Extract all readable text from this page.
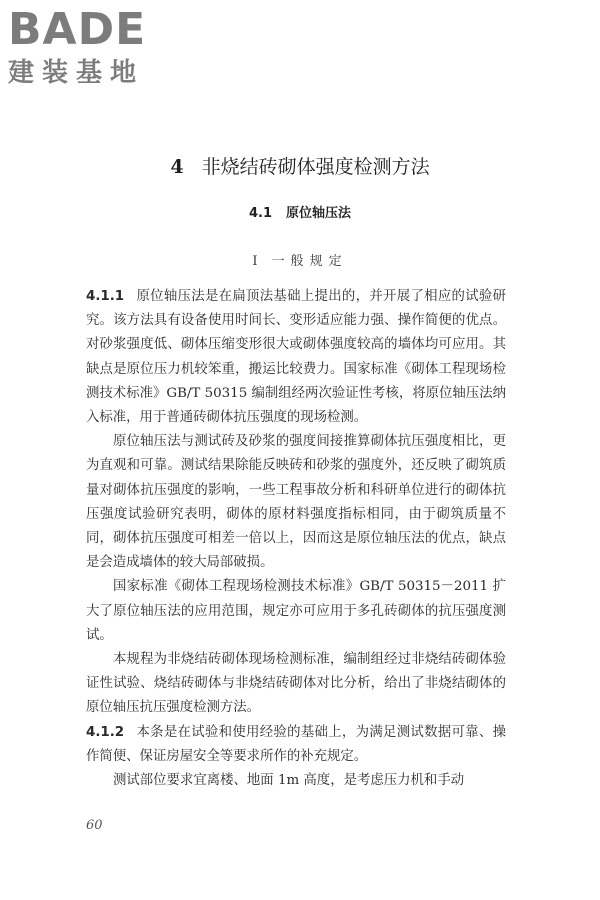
BADE
建装基地
4 非烧结砖砌体强度检测方法
4.1 原位轴压法
Ⅰ 一般规定

4.1.1 原位轴压法是在扁顶法基础上提出的，并开展了相应的试验研究。该方法具有设备使用时间长、变形适应能力强、操作简便的优点。对砂浆强度低、砌体压缩变形很大或砌体强度较高的墙体均可应用。其缺点是原位压力机较笨重，搬运比较费力。国家标准《砌体工程现场检测技术标准》GB/T 50315 编制组经两次验证性考核，将原位轴压法纳入标准，用于普通砖砌体抗压强度的现场检测。

原位轴压法与测试砖及砂浆的强度间接推算砌体抗压强度相比，更为直观和可靠。测试结果除能反映砖和砂浆的强度外，还反映了砌筑质量对砌体抗压强度的影响，一些工程事故分析和科研单位进行的砌体抗压强度试验研究表明，砌体的原材料强度指标相同，由于砌筑质量不同，砌体抗压强度可相差一倍以上，因而这是原位轴压法的优点，缺点是会造成墙体的较大局部破损。

国家标准《砌体工程现场检测技术标准》GB/T 50315－2011 扩大了原位轴压法的应用范围，规定亦可应用于多孔砖砌体的抗压强度测试。

本规程为非烧结砖砌体现场检测标准，编制组经过非烧结砖砌体验证性试验、烧结砖砌体与非烧结砖砌体对比分析，给出了非烧结砌体的原位轴压抗压强度检测方法。

4.1.2 本条是在试验和使用经验的基础上，为满足测试数据可靠、操作简便、保证房屋安全等要求所作的补充规定。

测试部位要求宜离楼、地面 1m 高度，是考虑压力机和手动

60
